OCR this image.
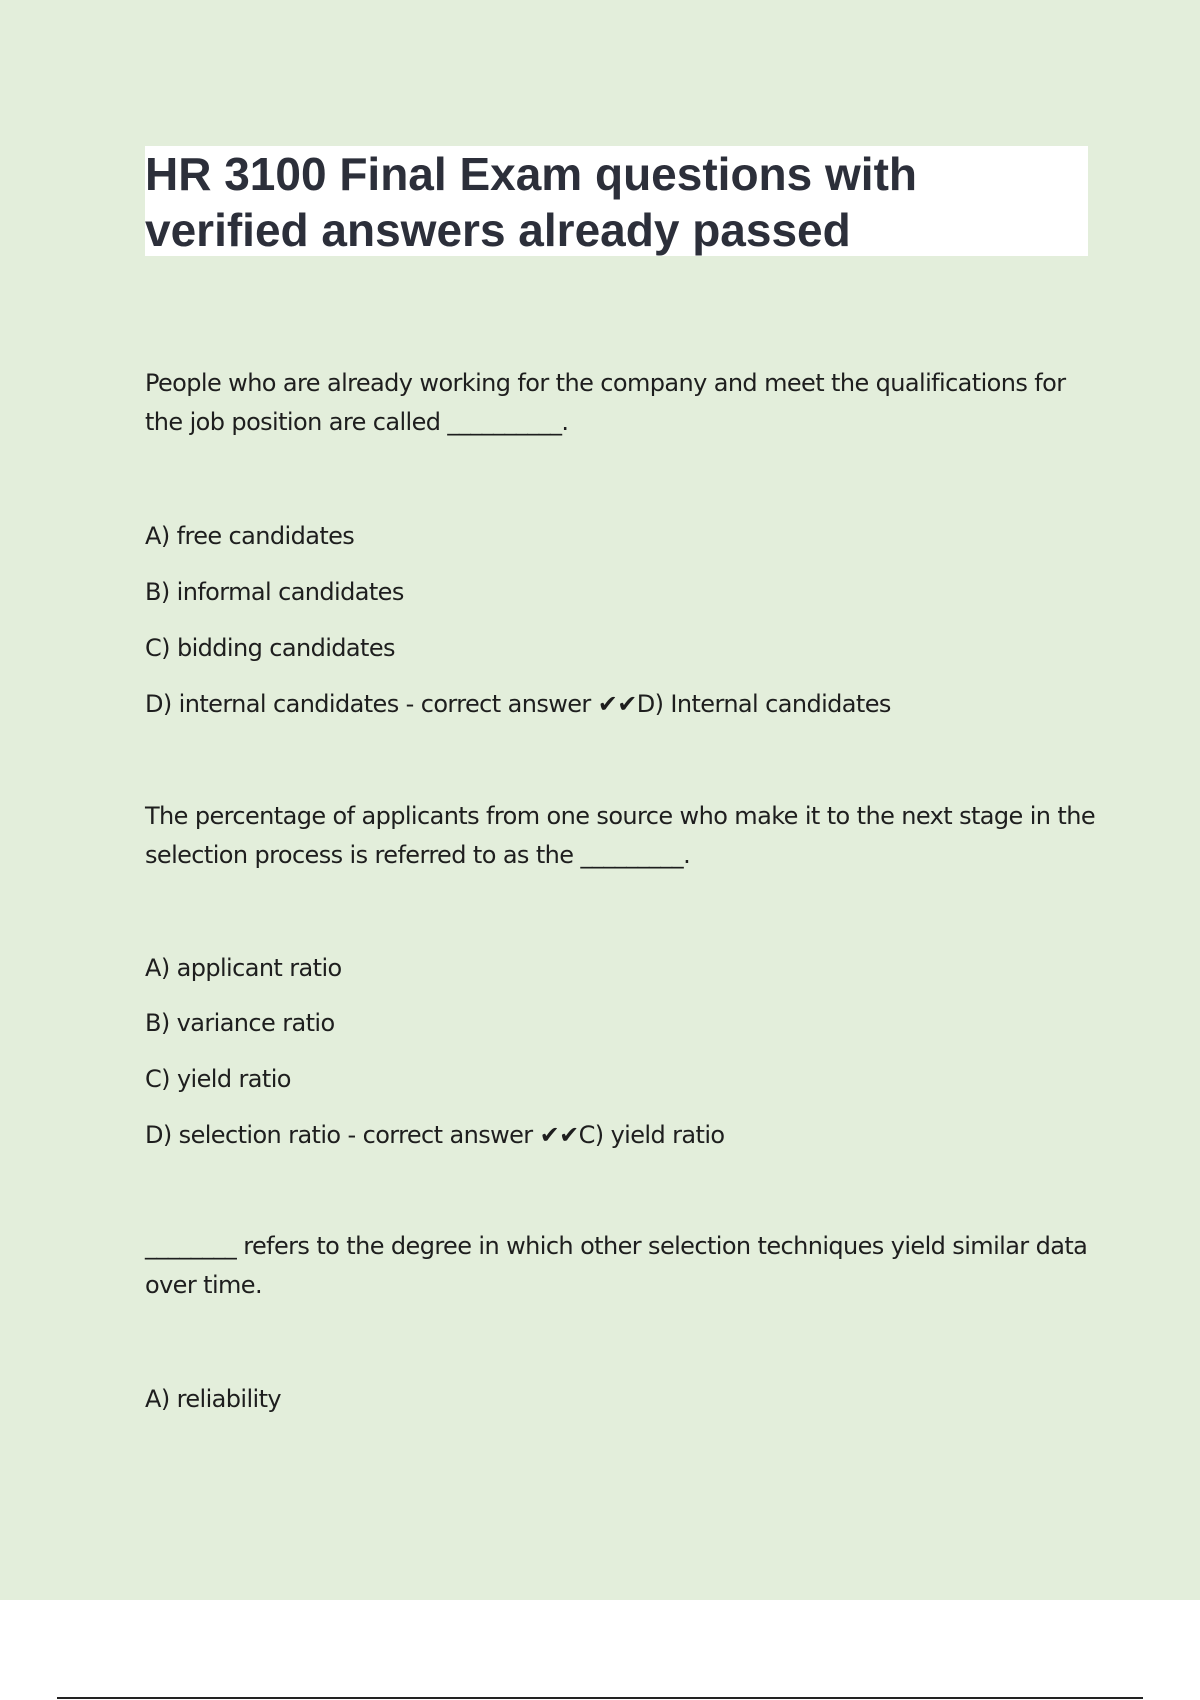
HR 3100 Final Exam questions with verified answers already passed

People who are already working for the company and meet the qualifications for the job position are called __________.

A) free candidates

B) informal candidates

C) bidding candidates

D) internal candidates - correct answer ✔✔D) Internal candidates

The percentage of applicants from one source who make it to the next stage in the selection process is referred to as the _________.

A) applicant ratio

B) variance ratio

C) yield ratio

D) selection ratio - correct answer ✔✔C) yield ratio

________ refers to the degree in which other selection techniques yield similar data over time.

A) reliability
